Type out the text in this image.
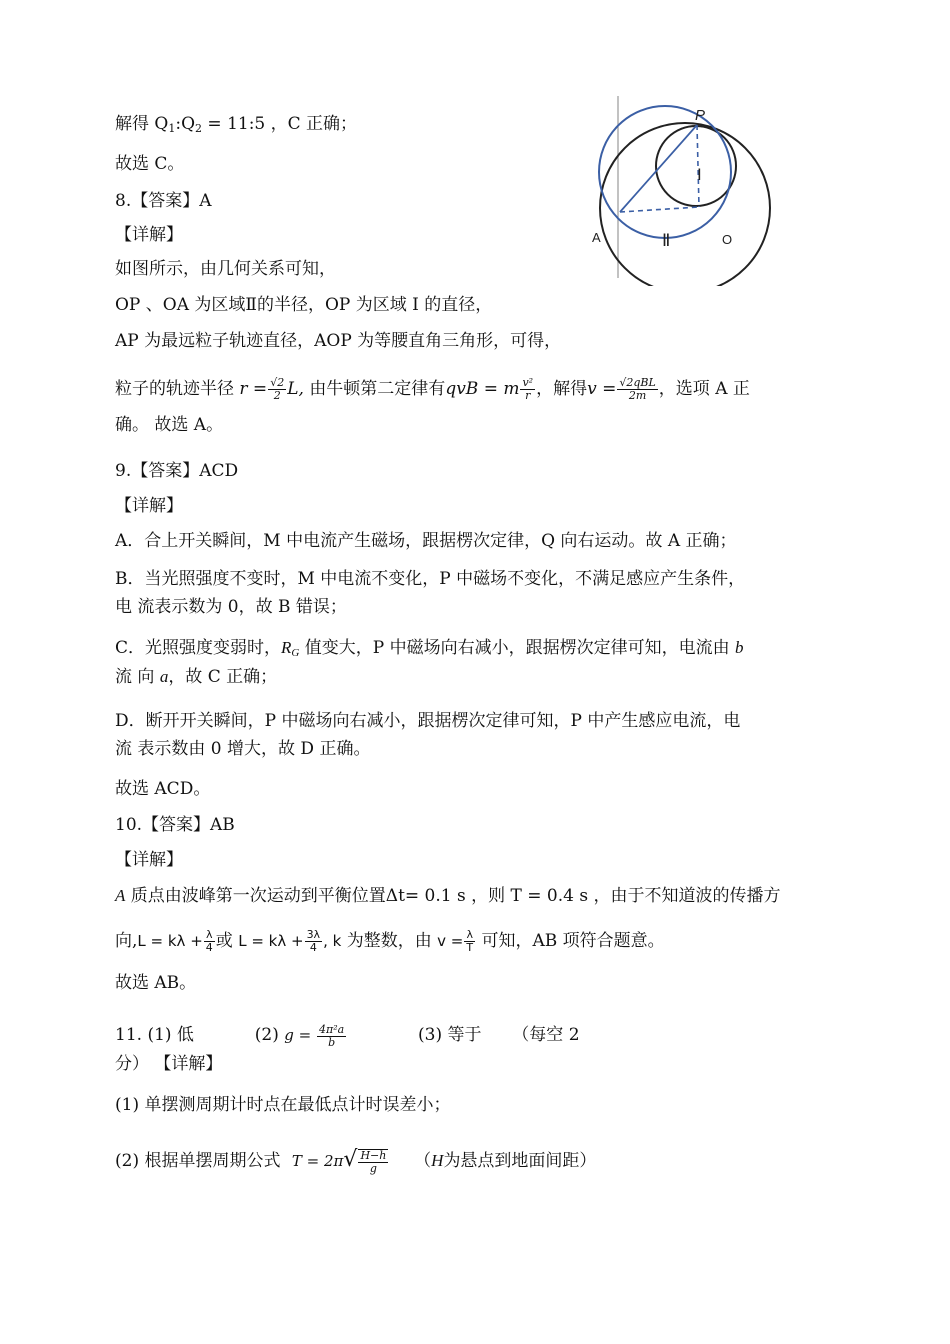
解得 $Q_1:Q_2$ = 11:5 ，C 正确；
故选 C。
8.【答案】A
【详解】
如图所示，由几何关系可知，
OP 、OA 为区域Ⅱ的半径，OP 为区域 Ⅰ 的直径，
AP 为最远粒子轨迹直径，AOP 为等腰直角三角形，可得，
粒子的轨迹半径 $r = \frac{√2}{2} L$, 由牛顿第二定律有qvB = m $\frac{\text{v²}}{r}$ ，解得$v = \frac{\text{√2qBL}}{2m}$ ，选项 A 正
确。 故选 A。
P
A	O
Ⅰ
Ⅱ
9.【答案】ACD
【详解】
A．合上开关瞬间，M 中电流产生磁场，跟据楞次定律，Q 向右运动。故 A 正确；
B．当光照强度不变时，M 中电流不变化，P 中磁场不变化，不满足感应产生条件，
电 流表示数为 0，故 B 错误；
C．光照强度变弱时，$R_G$ 值变大，P 中磁场向右减小，跟据楞次定律可知，电流由 b
流 向 a，故 C 正确；
D．断开开关瞬间，P 中磁场向右减小，跟据楞次定律可知，P 中产生感应电流，电
流 表示数由 0 增大，故 D 正确。
故选 ACD。
10.【答案】AB
【详解】
A 质点由波峰第一次运动到平衡位置Δt= 0.1 s ，则 T = 0.4 s ，由于不知道波的传播方
向$,L = k\lambda + \frac{\lambda}{4}$ 或 $L = k\lambda + \frac{3\lambda}{4}$ , k 为整数，由 $v = \frac{\lambda}{T}$ 可知，AB 项符合题意。
故选 AB。
11. (1) 低	(2) $g = \frac{\text{4π²a}}{b}$	(3) 等于 （每空 2
分） 【详解】
(1) 单摆测周期计时点在最低点计时误差小；
(2) 根据单摆周期公式 $T = 2\pi√ \frac{H-h}{g} (H$为悬点到地面间距）
